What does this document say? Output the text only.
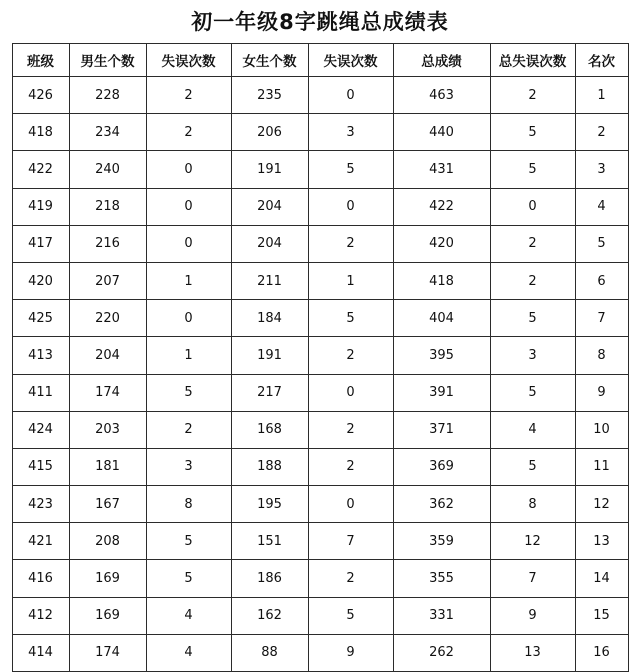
初一年级8字跳绳总成绩表
班级	男生个数	失误次数	女生个数	失误次数	总成绩	总失误次数	名次
426	228	2	235	0	463	2	1
418	234	2	206	3	440	5	2
422	240	0	191	5	431	5	3
419	218	0	204	0	422	0	4
417	216	0	204	2	420	2	5
420	207	1	211	1	418	2	6
425	220	0	184	5	404	5	7
413	204	1	191	2	395	3	8
411	174	5	217	0	391	5	9
424	203	2	168	2	371	4	10
415	181	3	188	2	369	5	11
423	167	8	195	0	362	8	12
421	208	5	151	7	359	12	13
416	169	5	186	2	355	7	14
412	169	4	162	5	331	9	15
414	174	4	88	9	262	13	16
